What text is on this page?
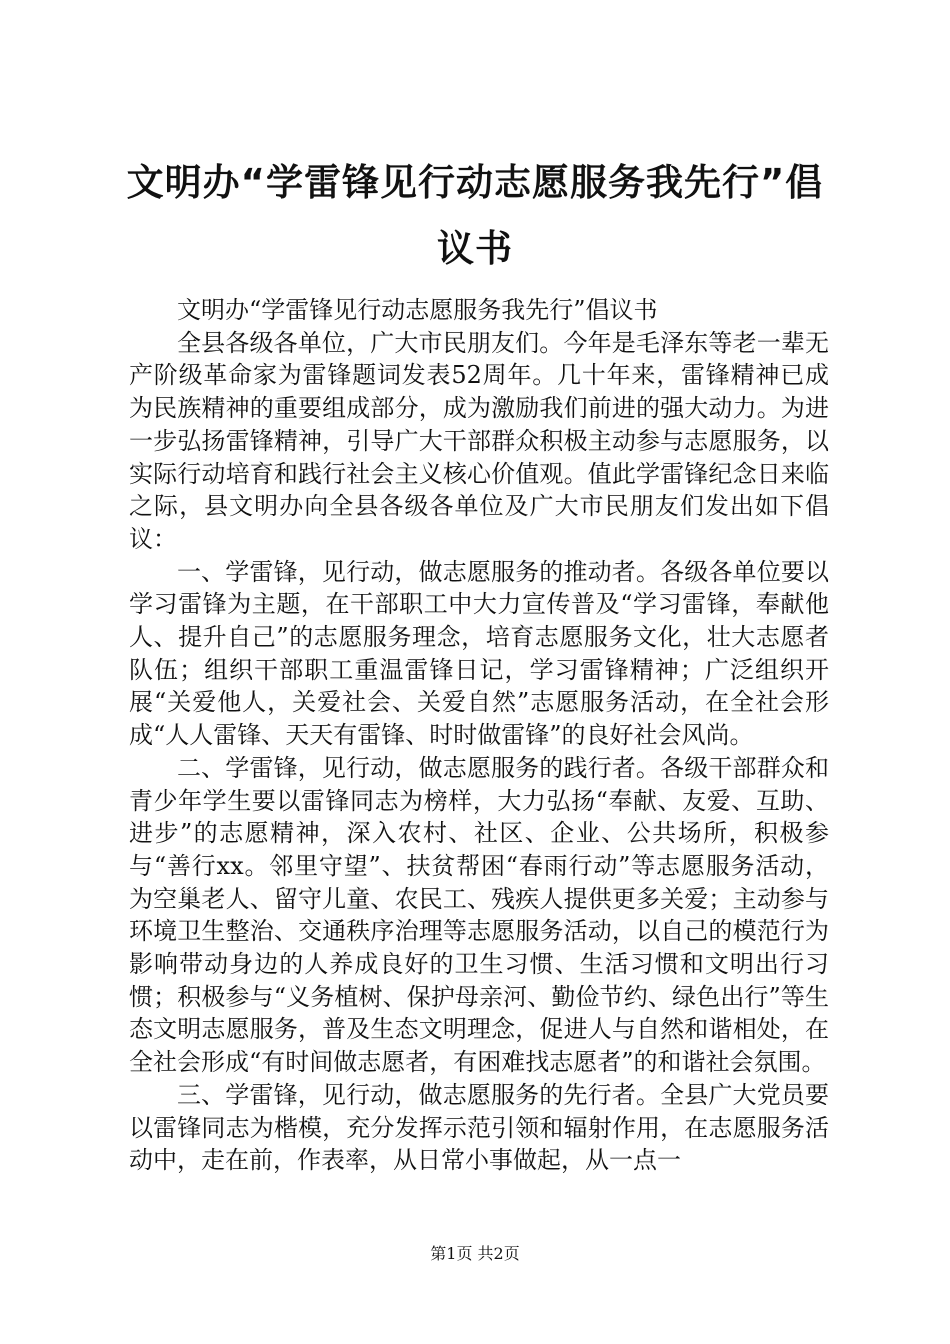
文明办“学雷锋见行动志愿服务我先行”倡议书

文明办“学雷锋见行动志愿服务我先行”倡议书

全县各级各单位，广大市民朋友们。今年是毛泽东等老一辈无产阶级革命家为雷锋题词发表52周年。几十年来，雷锋精神已成为民族精神的重要组成部分，成为激励我们前进的强大动力。为进一步弘扬雷锋精神，引导广大干部群众积极主动参与志愿服务，以实际行动培育和践行社会主义核心价值观。值此学雷锋纪念日来临之际，县文明办向全县各级各单位及广大市民朋友们发出如下倡议：

一、学雷锋，见行动，做志愿服务的推动者。各级各单位要以学习雷锋为主题，在干部职工中大力宣传普及“学习雷锋，奉献他人、提升自己”的志愿服务理念，培育志愿服务文化，壮大志愿者队伍；组织干部职工重温雷锋日记，学习雷锋精神；广泛组织开展“关爱他人，关爱社会、关爱自然”志愿服务活动，在全社会形成“人人雷锋、天天有雷锋、时时做雷锋”的良好社会风尚。

二、学雷锋，见行动，做志愿服务的践行者。各级干部群众和青少年学生要以雷锋同志为榜样，大力弘扬“奉献、友爱、互助、进步”的志愿精神，深入农村、社区、企业、公共场所，积极参与“善行xx。邻里守望”、扶贫帮困“春雨行动”等志愿服务活动，为空巢老人、留守儿童、农民工、残疾人提供更多关爱；主动参与环境卫生整治、交通秩序治理等志愿服务活动，以自己的模范行为影响带动身边的人养成良好的卫生习惯、生活习惯和文明出行习惯；积极参与“义务植树、保护母亲河、勤俭节约、绿色出行”等生态文明志愿服务，普及生态文明理念，促进人与自然和谐相处，在全社会形成“有时间做志愿者，有困难找志愿者”的和谐社会氛围。

三、学雷锋，见行动，做志愿服务的先行者。全县广大党员要以雷锋同志为楷模，充分发挥示范引领和辐射作用，在志愿服务活动中，走在前，作表率，从日常小事做起，从一点一

第1页 共2页
